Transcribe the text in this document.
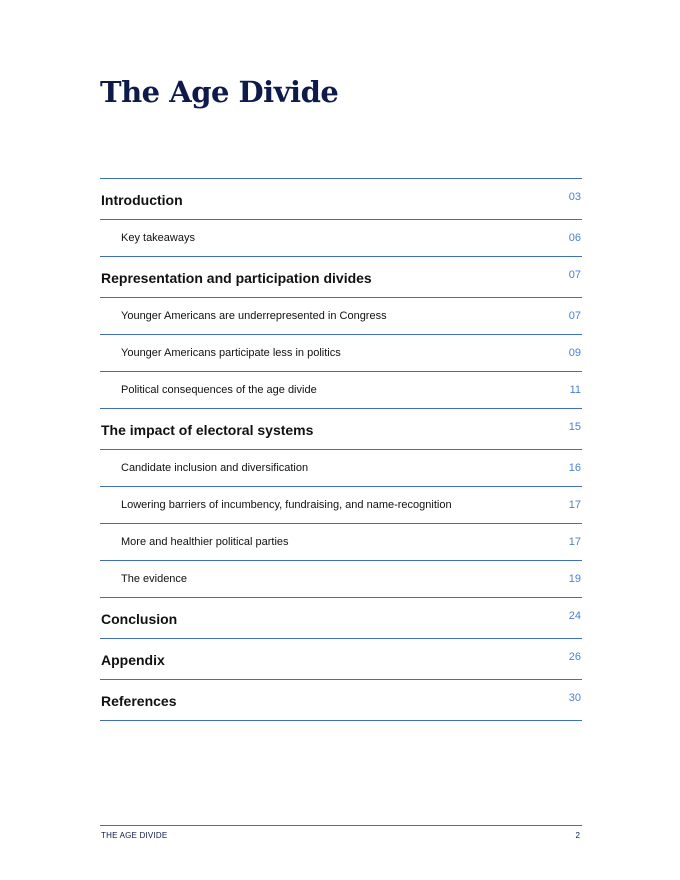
The Age Divide
Introduction	03
Key takeaways	06
Representation and participation divides	07
Younger Americans are underrepresented in Congress	07
Younger Americans participate less in politics	09
Political consequences of the age divide	11
The impact of electoral systems	15
Candidate inclusion and diversification	16
Lowering barriers of incumbency, fundraising, and name-recognition	17
More and healthier political parties	17
The evidence	19
Conclusion	24
Appendix	26
References	30
THE AGE DIVIDE	2
